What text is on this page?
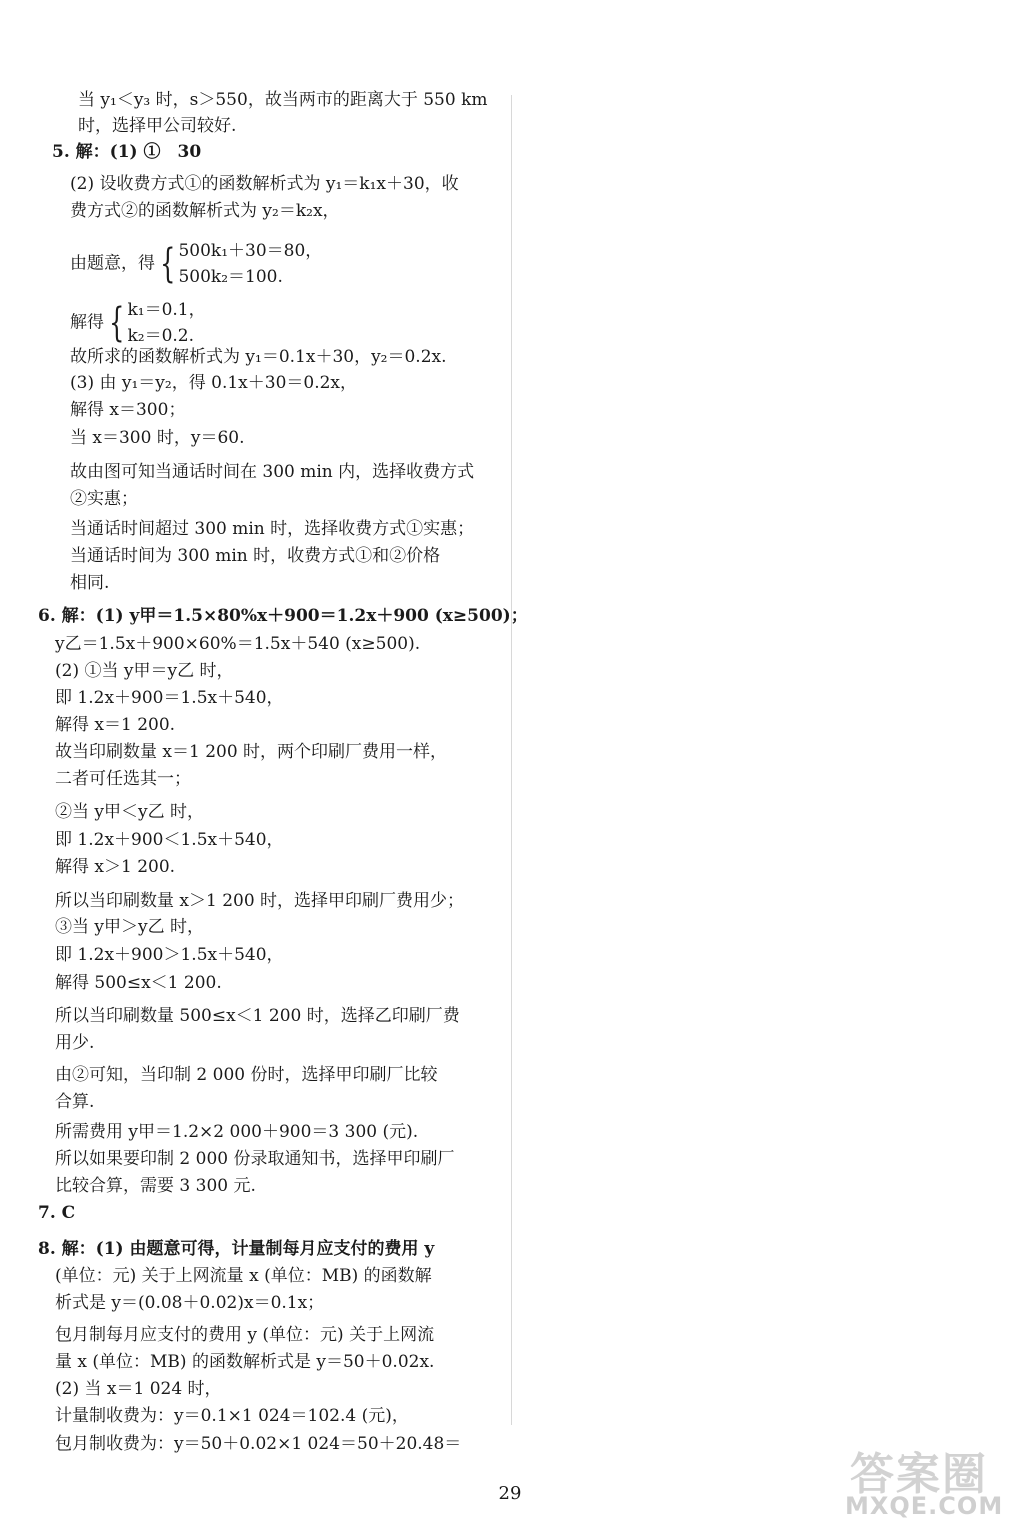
当 y₁＜y₃ 时，s＞550，故当两市的距离大于 550 km
时，选择甲公司较好.
5. 解：(1) ①　30
(2) 设收费方式①的函数解析式为 y₁＝k₁x＋30，收
费方式②的函数解析式为 y₂＝k₂x，
由题意，得 { 500k₁＋30＝80，
500k₂＝100.
解得 { k₁＝0.1，
k₂＝0.2.
故所求的函数解析式为 y₁＝0.1x＋30，y₂＝0.2x.
(3) 由 y₁＝y₂，得 0.1x＋30＝0.2x，
解得 x＝300；
当 x＝300 时，y＝60.
故由图可知当通话时间在 300 min 内，选择收费方式
②实惠；
当通话时间超过 300 min 时，选择收费方式①实惠；
当通话时间为 300 min 时，收费方式①和②价格
相同.
6. 解：(1) y甲＝1.5×80%x＋900＝1.2x＋900 (x≥500)；
y乙＝1.5x＋900×60%＝1.5x＋540 (x≥500).
(2) ①当 y甲＝y乙 时，
即 1.2x＋900＝1.5x＋540，
解得 x＝1 200.
故当印刷数量 x＝1 200 时，两个印刷厂费用一样，
二者可任选其一；
②当 y甲＜y乙 时，
即 1.2x＋900＜1.5x＋540，
解得 x＞1 200.
所以当印刷数量 x＞1 200 时，选择甲印刷厂费用少；
③当 y甲＞y乙 时，
即 1.2x＋900＞1.5x＋540，
解得 500≤x＜1 200.
所以当印刷数量 500≤x＜1 200 时，选择乙印刷厂费
用少.
由②可知，当印制 2 000 份时，选择甲印刷厂比较
合算.
所需费用 y甲＝1.2×2 000＋900＝3 300 (元).
所以如果要印制 2 000 份录取通知书，选择甲印刷厂
比较合算，需要 3 300 元.
7. C
8. 解：(1) 由题意可得，计量制每月应支付的费用 y
(单位：元) 关于上网流量 x (单位：MB) 的函数解
析式是 y＝(0.08＋0.02)x＝0.1x；
包月制每月应支付的费用 y (单位：元) 关于上网流
量 x (单位：MB) 的函数解析式是 y＝50＋0.02x.
(2) 当 x＝1 024 时，
计量制收费为：y＝0.1×1 024＝102.4 (元)，
包月制收费为：y＝50＋0.02×1 024＝50＋20.48＝
29	答案圈
MXQE.COM
